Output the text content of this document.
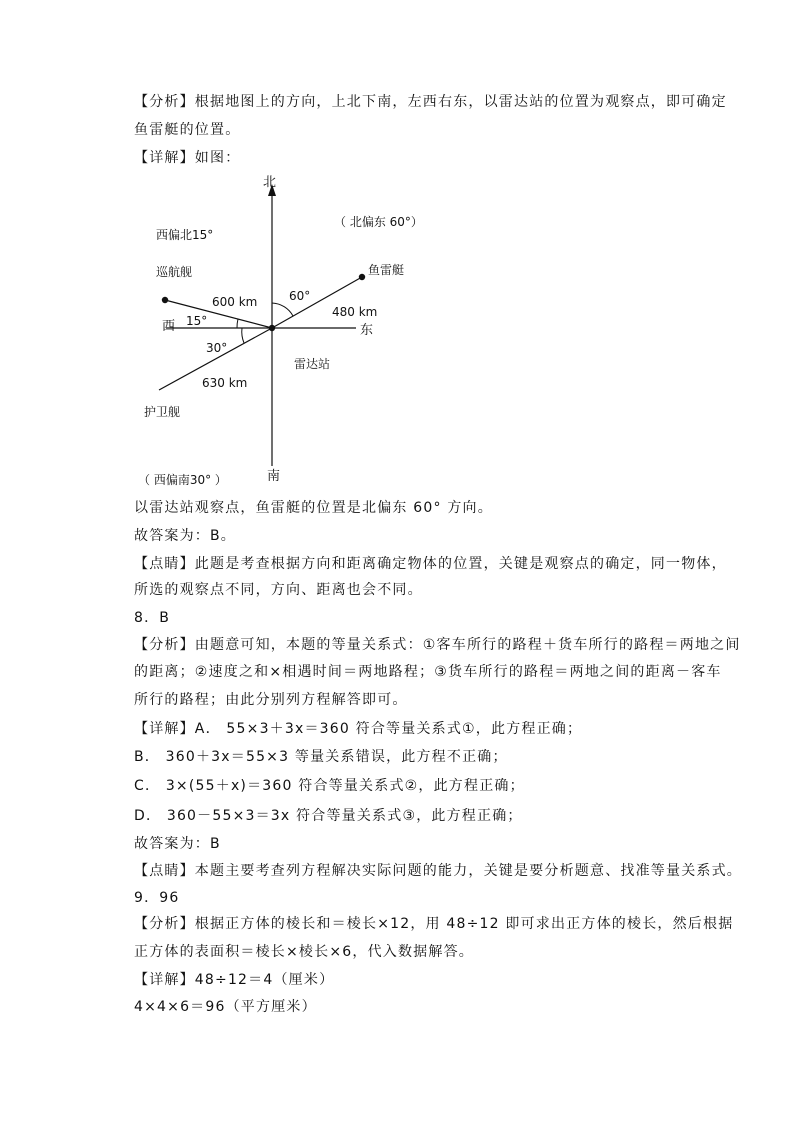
【分析】根据地图上的方向，上北下南，左西右东，以雷达站的位置为观察点，即可确定
鱼雷艇的位置。
【详解】如图：
北
南
东
西
西偏北15°
（ 北偏东 60°）
（ 西偏南30° ）
巡航舰	鱼雷艇
护卫舰
雷达站
600 km
480 km
630 km
60°
15°
30°
以雷达站观察点，鱼雷艇的位置是北偏东 60° 方向。
故答案为：B。
【点睛】此题是考查根据方向和距离确定物体的位置，关键是观察点的确定，同一物体，
所选的观察点不同，方向、距离也会不同。
8．B
【分析】由题意可知，本题的等量关系式：①客车所行的路程＋货车所行的路程＝两地之间
的距离；②速度之和×相遇时间＝两地路程；③货车所行的路程＝两地之间的距离－客车
所行的路程；由此分别列方程解答即可。
【详解】A． 55×3＋3x＝360 符合等量关系式①，此方程正确；
B． 360＋3x＝55×3 等量关系错误，此方程不正确；
C． 3×(55＋x)＝360 符合等量关系式②，此方程正确；
D． 360－55×3＝3x 符合等量关系式③，此方程正确；
故答案为：B
【点睛】本题主要考查列方程解决实际问题的能力，关键是要分析题意、找准等量关系式。
9．96
【分析】根据正方体的棱长和＝棱长×12，用 48÷12 即可求出正方体的棱长，然后根据
正方体的表面积＝棱长×棱长×6，代入数据解答。
【详解】48÷12＝4（厘米）
4×4×6＝96（平方厘米）
